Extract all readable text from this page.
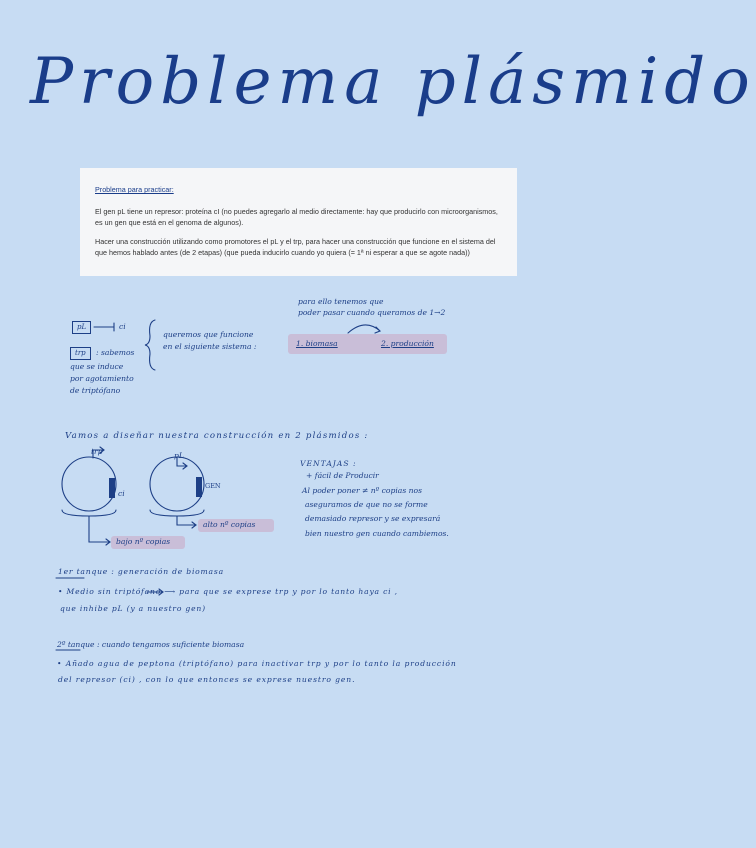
Problema plásmido
Problema para practicar:
El gen pL tiene un represor: proteína cI (no puedes agregarlo al medio directamente: hay que producirlo con microorganismos, es un gen que está en el genoma de algunos).
Hacer una construcción utilizando como promotores el pL y el trp, para hacer una construcción que funcione en el sistema del que hemos hablado antes (de 2 etapas) (que pueda inducirlo cuando yo quiera (= 1ª ni esperar a que se agote nada))
pL	ci
trp	: sabemos
que se induce
por agotamiento
de triptófano
queremos que funcione
en el siguiente sistema :	1. biomasa	2. producción
para ello tenemos que
poder pasar cuando queramos de 1→2
Vamos a diseñar nuestra construcción en 2 plásmidos :
trp
ci
pL
GEN
alto nº copias
bajo nº copias
VENTAJAS :
+ fácil de Producir
Al poder poner ≠ nº copias nos
aseguramos de que no se forme
demasiado represor y se expresará
bien nuestro gen cuando cambiemos.
1er tanque : generación de biomasa
• Medio sin triptófano ⟶ para que se exprese trp y por lo tanto haya ci ,
que inhibe pL (y a nuestro gen)
2º tanque : cuando tengamos suficiente biomasa
• Añado agua de peptona (triptófano) para inactivar trp y por lo tanto la producción
del represor (ci) , con lo que entonces se exprese nuestro gen.
